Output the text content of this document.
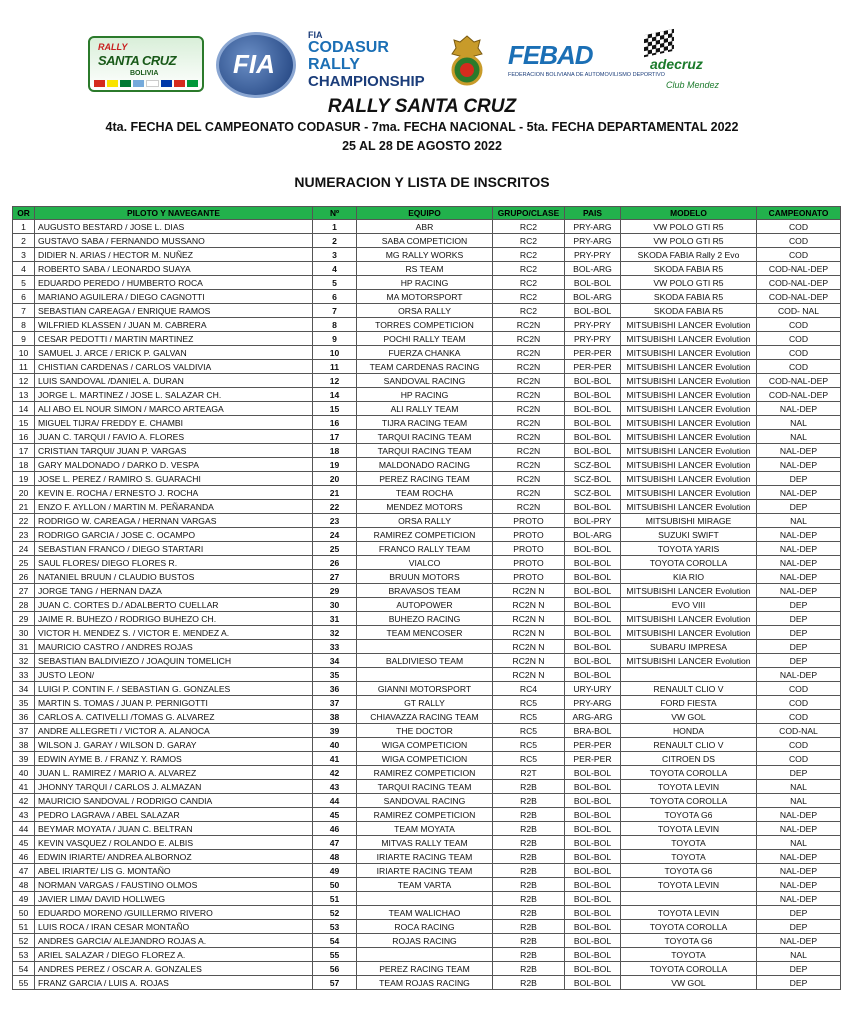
RALLY
SANTA CRUZ
BOLIVIA	FIA
FIA
CODASUR
RALLY
CHAMPIONSHIP
FEBAD
FEDERACION BOLIVIANA DE AUTOMOVILISMO DEPORTIVO
adecruz
Club Mendez
RALLY SANTA CRUZ
4ta. FECHA DEL CAMPEONATO CODASUR - 7ma. FECHA NACIONAL - 5ta. FECHA DEPARTAMENTAL 2022
25 AL 28 DE AGOSTO 2022
NUMERACION Y LISTA DE INSCRITOS
OR	PILOTO Y NAVEGANTE	Nº	EQUIPO	GRUPO/CLASE	PAIS	MODELO	CAMPEONATO
1	AUGUSTO BESTARD / JOSE L. DIAS	1	ABR	RC2	PRY-ARG	VW POLO GTI R5	COD
2	GUSTAVO SABA / FERNANDO MUSSANO	2	SABA COMPETICION	RC2	PRY-ARG	VW POLO GTI R5	COD
3	DIDIER N. ARIAS / HECTOR M. NUÑEZ	3	MG RALLY WORKS	RC2	PRY-PRY	SKODA FABIA Rally 2 Evo	COD
4	ROBERTO SABA / LEONARDO SUAYA	4	RS TEAM	RC2	BOL-ARG	SKODA FABIA R5	COD-NAL-DEP
5	EDUARDO PEREDO / HUMBERTO ROCA	5	HP RACING	RC2	BOL-BOL	VW POLO GTI R5	COD-NAL-DEP
6	MARIANO AGUILERA / DIEGO CAGNOTTI	6	MA MOTORSPORT	RC2	BOL-ARG	SKODA FABIA R5	COD-NAL-DEP
7	SEBASTIAN CAREAGA / ENRIQUE RAMOS	7	ORSA RALLY	RC2	BOL-BOL	SKODA FABIA R5	COD- NAL
8	WILFRIED KLASSEN / JUAN M. CABRERA	8	TORRES COMPETICION	RC2N	PRY-PRY	MITSUBISHI LANCER Evolution	COD
9	CESAR PEDOTTI / MARTIN MARTINEZ	9	POCHI RALLY TEAM	RC2N	PRY-PRY	MITSUBISHI LANCER Evolution	COD
10	SAMUEL J. ARCE / ERICK P. GALVAN	10	FUERZA CHANKA	RC2N	PER-PER	MITSUBISHI LANCER Evolution	COD
11	CHISTIAN CARDENAS / CARLOS VALDIVIA	11	TEAM CARDENAS RACING	RC2N	PER-PER	MITSUBISHI LANCER Evolution	COD
12	LUIS SANDOVAL /DANIEL A. DURAN	12	SANDOVAL RACING	RC2N	BOL-BOL	MITSUBISHI LANCER Evolution	COD-NAL-DEP
13	JORGE L. MARTINEZ / JOSE L. SALAZAR CH.	14	HP RACING	RC2N	BOL-BOL	MITSUBISHI LANCER Evolution	COD-NAL-DEP
14	ALI ABO EL NOUR SIMON / MARCO ARTEAGA	15	ALI RALLY TEAM	RC2N	BOL-BOL	MITSUBISHI LANCER Evolution	NAL-DEP
15	MIGUEL TIJRA/ FREDDY E. CHAMBI	16	TIJRA RACING TEAM	RC2N	BOL-BOL	MITSUBISHI LANCER Evolution	NAL
16	JUAN C. TARQUI / FAVIO A. FLORES	17	TARQUI RACING TEAM	RC2N	BOL-BOL	MITSUBISHI LANCER Evolution	NAL
17	CRISTIAN TARQUI/ JUAN P. VARGAS	18	TARQUI RACING TEAM	RC2N	BOL-BOL	MITSUBISHI LANCER Evolution	NAL-DEP
18	GARY MALDONADO / DARKO D. VESPA	19	MALDONADO RACING	RC2N	SCZ-BOL	MITSUBISHI LANCER Evolution	NAL-DEP
19	JOSE L. PEREZ / RAMIRO S. GUARACHI	20	PEREZ RACING TEAM	RC2N	SCZ-BOL	MITSUBISHI LANCER Evolution	DEP
20	KEVIN E. ROCHA / ERNESTO J. ROCHA	21	TEAM ROCHA	RC2N	SCZ-BOL	MITSUBISHI LANCER Evolution	NAL-DEP
21	ENZO F. AYLLON / MARTIN M. PEÑARANDA	22	MENDEZ MOTORS	RC2N	BOL-BOL	MITSUBISHI LANCER Evolution	DEP
22	RODRIGO W. CAREAGA / HERNAN VARGAS	23	ORSA RALLY	PROTO	BOL-PRY	MITSUBISHI MIRAGE	NAL
23	RODRIGO GARCIA / JOSE C. OCAMPO	24	RAMIREZ COMPETICION	PROTO	BOL-ARG	SUZUKI SWIFT	NAL-DEP
24	SEBASTIAN FRANCO / DIEGO STARTARI	25	FRANCO RALLY TEAM	PROTO	BOL-BOL	TOYOTA YARIS	NAL-DEP
25	SAUL FLORES/ DIEGO FLORES R.	26	VIALCO	PROTO	BOL-BOL	TOYOTA COROLLA	NAL-DEP
26	NATANIEL BRUUN / CLAUDIO BUSTOS	27	BRUUN MOTORS	PROTO	BOL-BOL	KIA RIO	NAL-DEP
27	JORGE TANG / HERNAN DAZA	29	BRAVASOS TEAM	RC2N N	BOL-BOL	MITSUBISHI LANCER Evolution	NAL-DEP
28	JUAN C. CORTES D./ ADALBERTO CUELLAR	30	AUTOPOWER	RC2N N	BOL-BOL	EVO VIII	DEP
29	JAIME R. BUHEZO / RODRIGO BUHEZO CH.	31	BUHEZO RACING	RC2N N	BOL-BOL	MITSUBISHI LANCER Evolution	DEP
30	VICTOR H. MENDEZ S. / VICTOR E. MENDEZ A.	32	TEAM MENCOSER	RC2N N	BOL-BOL	MITSUBISHI LANCER Evolution	DEP
31	MAURICIO CASTRO / ANDRES ROJAS	33		RC2N N	BOL-BOL	SUBARU IMPRESA	DEP
32	SEBASTIAN BALDIVIEZO / JOAQUIN TOMELICH	34	BALDIVIESO TEAM	RC2N N	BOL-BOL	MITSUBISHI LANCER Evolution	DEP
33	JUSTO LEON/	35		RC2N N	BOL-BOL		NAL-DEP
34	LUIGI P. CONTIN F. / SEBASTIAN G. GONZALES	36	GIANNI MOTORSPORT	RC4	URY-URY	RENAULT CLIO V	COD
35	MARTIN S. TOMAS / JUAN P. PERNIGOTTI	37	GT RALLY	RC5	PRY-ARG	FORD FIESTA	COD
36	CARLOS A. CATIVELLI /TOMAS G. ALVAREZ	38	CHIAVAZZA RACING TEAM	RC5	ARG-ARG	VW GOL	COD
37	ANDRE ALLEGRETI / VICTOR A. ALANOCA	39	THE DOCTOR	RC5	BRA-BOL	HONDA	COD-NAL
38	WILSON J. GARAY / WILSON D. GARAY	40	WIGA COMPETICION	RC5	PER-PER	RENAULT CLIO V	COD
39	EDWIN AYME B. / FRANZ Y. RAMOS	41	WIGA COMPETICION	RC5	PER-PER	CITROEN DS	COD
40	JUAN L. RAMIREZ / MARIO A. ALVAREZ	42	RAMIREZ COMPETICION	R2T	BOL-BOL	TOYOTA COROLLA	DEP
41	JHONNY TARQUI / CARLOS J. ALMAZAN	43	TARQUI RACING TEAM	R2B	BOL-BOL	TOYOTA LEVIN	NAL
42	MAURICIO SANDOVAL / RODRIGO CANDIA	44	SANDOVAL RACING	R2B	BOL-BOL	TOYOTA COROLLA	NAL
43	PEDRO LAGRAVA / ABEL SALAZAR	45	RAMIREZ COMPETICION	R2B	BOL-BOL	TOYOTA G6	NAL-DEP
44	BEYMAR MOYATA / JUAN C. BELTRAN	46	TEAM MOYATA	R2B	BOL-BOL	TOYOTA LEVIN	NAL-DEP
45	KEVIN VASQUEZ / ROLANDO E. ALBIS	47	MITVAS RALLY TEAM	R2B	BOL-BOL	TOYOTA	NAL
46	EDWIN IRIARTE/ ANDREA ALBORNOZ	48	IRIARTE RACING TEAM	R2B	BOL-BOL	TOYOTA	NAL-DEP
47	ABEL IRIARTE/ LIS G. MONTAÑO	49	IRIARTE RACING TEAM	R2B	BOL-BOL	TOYOTA G6	NAL-DEP
48	NORMAN VARGAS / FAUSTINO OLMOS	50	TEAM VARTA	R2B	BOL-BOL	TOYOTA LEVIN	NAL-DEP
49	JAVIER LIMA/ DAVID HOLLWEG	51		R2B	BOL-BOL		NAL-DEP
50	EDUARDO MORENO /GUILLERMO RIVERO	52	TEAM WALICHAO	R2B	BOL-BOL	TOYOTA LEVIN	DEP
51	LUIS ROCA / IRAN CESAR MONTAÑO	53	ROCA RACING	R2B	BOL-BOL	TOYOTA COROLLA	DEP
52	ANDRES GARCIA/ ALEJANDRO ROJAS A.	54	ROJAS RACING	R2B	BOL-BOL	TOYOTA G6	NAL-DEP
53	ARIEL SALAZAR / DIEGO FLOREZ A.	55		R2B	BOL-BOL	TOYOTA	NAL
54	ANDRES PEREZ / OSCAR A. GONZALES	56	PEREZ RACING TEAM	R2B	BOL-BOL	TOYOTA COROLLA	DEP
55	FRANZ GARCIA / LUIS A. ROJAS	57	TEAM ROJAS RACING	R2B	BOL-BOL	VW GOL	DEP
